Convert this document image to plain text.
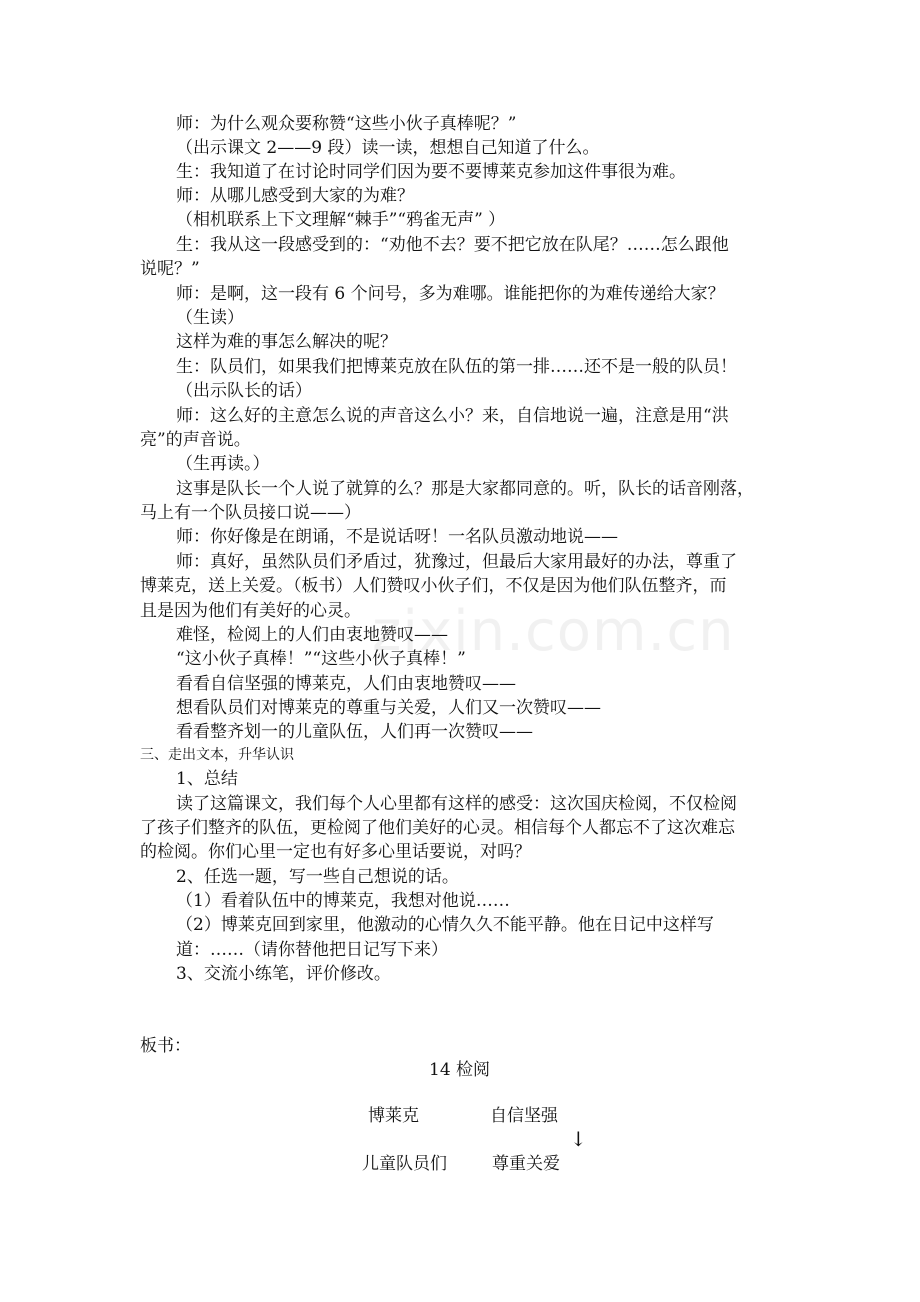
师：为什么观众要称赞“这些小伙子真棒呢？”
（出示课文 2——9 段）读一读，想想自己知道了什么。
生：我知道了在讨论时同学们因为要不要博莱克参加这件事很为难。
师：从哪儿感受到大家的为难？
（相机联系上下文理解“棘手”“鸦雀无声” ）
生：我从这一段感受到的：“劝他不去？要不把它放在队尾？……怎么跟他
说呢？”
师：是啊，这一段有 6 个问号，多为难哪。谁能把你的为难传递给大家？
（生读）
这样为难的事怎么解决的呢？
生：队员们，如果我们把博莱克放在队伍的第一排……还不是一般的队员！
（出示队长的话）
师：这么好的主意怎么说的声音这么小？来，自信地说一遍，注意是用“洪
亮”的声音说。
（生再读。）
这事是队长一个人说了就算的么？那是大家都同意的。听，队长的话音刚落，
马上有一个队员接口说——）
师：你好像是在朗诵，不是说话呀！一名队员激动地说——
师：真好，虽然队员们矛盾过，犹豫过，但最后大家用最好的办法，尊重了
博莱克，送上关爱。（板书）人们赞叹小伙子们，不仅是因为他们队伍整齐，而
且是因为他们有美好的心灵。
难怪，检阅上的人们由衷地赞叹——
“这小伙子真棒！”“这些小伙子真棒！”
看看自信坚强的博莱克，人们由衷地赞叹——
想看队员们对博莱克的尊重与关爱，人们又一次赞叹——
看看整齐划一的儿童队伍，人们再一次赞叹——
三、走出文本，升华认识
1、总结
读了这篇课文，我们每个人心里都有这样的感受：这次国庆检阅，不仅检阅
了孩子们整齐的队伍，更检阅了他们美好的心灵。相信每个人都忘不了这次难忘
的检阅。你们心里一定也有好多心里话要说，对吗？
2、任选一题，写一些自己想说的话。
（1）看着队伍中的博莱克，我想对他说……
（2）博莱克回到家里，他激动的心情久久不能平静。他在日记中这样写
道：……（请你替他把日记写下来）
3、交流小练笔，评价修改。
板书：
14 检阅
博莱克	自信坚强
↓
儿童队员们	尊重关爱
zixin.com.cn
